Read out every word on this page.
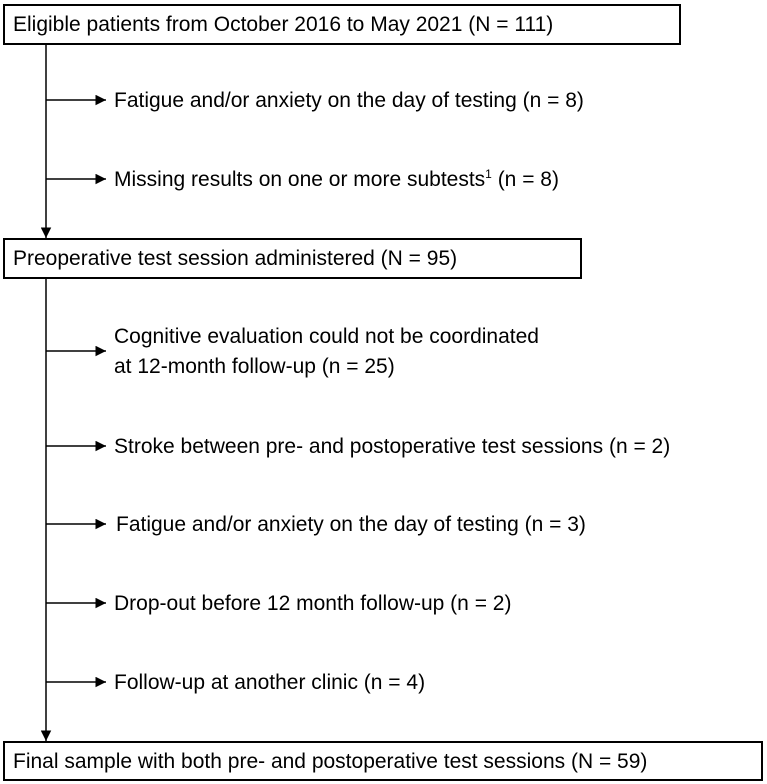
Eligible patients from October 2016 to May 2021 (N = 111)
Preoperative test session administered (N = 95)
Final sample with both pre- and postoperative test sessions (N = 59)
Fatigue and/or anxiety on the day of testing (n = 8)
Missing results on one or more subtests$^1$ (n = 8)
Cognitive evaluation could not be coordinated
at 12-month follow-up (n = 25)
Stroke between pre- and postoperative test sessions (n = 2)
Fatigue and/or anxiety on the day of testing (n = 3)
Drop-out before 12 month follow-up (n = 2)
Follow-up at another clinic (n = 4)
